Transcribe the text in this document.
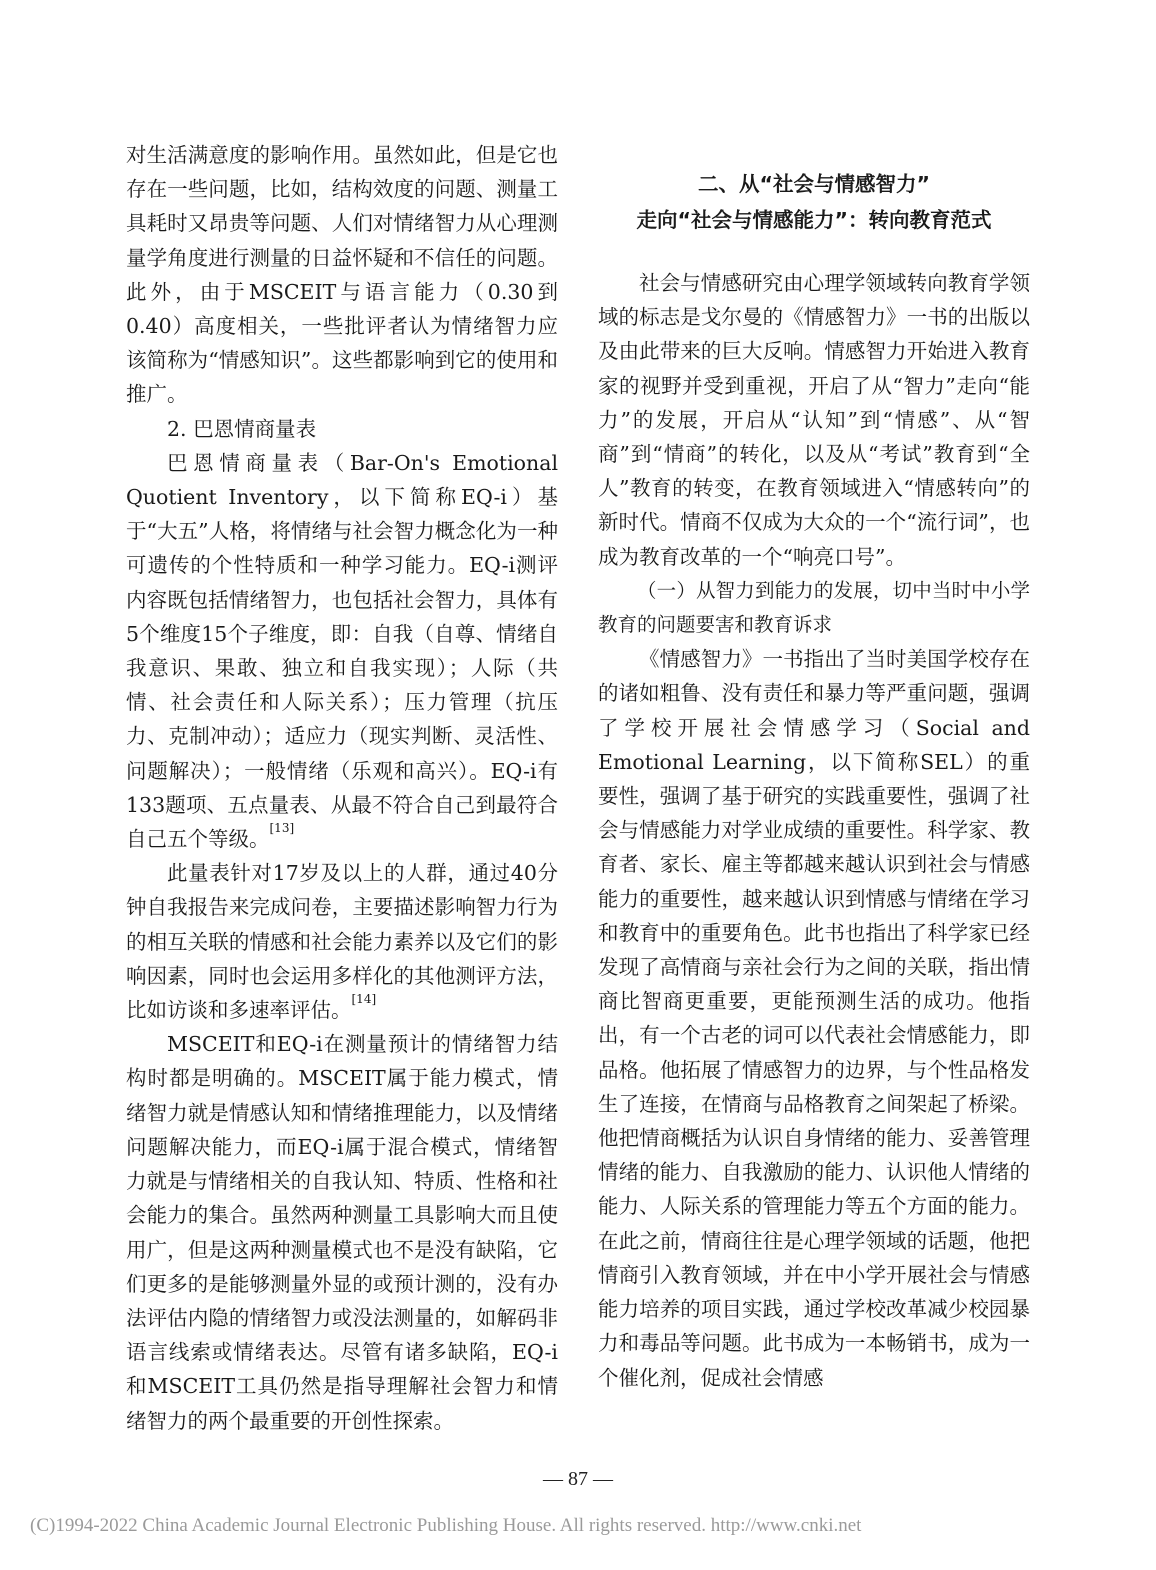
对生活满意度的影响作用。虽然如此，但是它也存在一些问题，比如，结构效度的问题、测量工具耗时又昂贵等问题、人们对情绪智力从心理测量学角度进行测量的日益怀疑和不信任的问题。此外，由于MSCEIT与语言能力（0.30到0.40）高度相关，一些批评者认为情绪智力应该简称为“情感知识”。这些都影响到它的使用和推广。

2. 巴恩情商量表

巴恩情商量表（Bar-On's Emotional Quotient Inventory，以下简称EQ-i）基于“大五”人格，将情绪与社会智力概念化为一种可遗传的个性特质和一种学习能力。EQ-i测评内容既包括情绪智力，也包括社会智力，具体有5个维度15个子维度，即：自我（自尊、情绪自我意识、果敢、独立和自我实现）；人际（共情、社会责任和人际关系）；压力管理（抗压力、克制冲动）；适应力（现实判断、灵活性、问题解决）；一般情绪（乐观和高兴）。EQ-i有133题项、五点量表、从最不符合自己到最符合自己五个等级。[13]

此量表针对17岁及以上的人群，通过40分钟自我报告来完成问卷，主要描述影响智力行为的相互关联的情感和社会能力素养以及它们的影响因素，同时也会运用多样化的其他测评方法，比如访谈和多速率评估。[14]

MSCEIT和EQ-i在测量预计的情绪智力结构时都是明确的。MSCEIT属于能力模式，情绪智力就是情感认知和情绪推理能力，以及情绪问题解决能力，而EQ-i属于混合模式，情绪智力就是与情绪相关的自我认知、特质、性格和社会能力的集合。虽然两种测量工具影响大而且使用广，但是这两种测量模式也不是没有缺陷，它们更多的是能够测量外显的或预计测的，没有办法评估内隐的情绪智力或没法测量的，如解码非语言线索或情绪表达。尽管有诸多缺陷，EQ-i和MSCEIT工具仍然是指导理解社会智力和情绪智力的两个最重要的开创性探索。

二、从“社会与情感智力”

走向“社会与情感能力”：转向教育范式

社会与情感研究由心理学领域转向教育学领域的标志是戈尔曼的《情感智力》一书的出版以及由此带来的巨大反响。情感智力开始进入教育家的视野并受到重视，开启了从“智力”走向“能力”的发展，开启从“认知”到“情感”、从“智商”到“情商”的转化，以及从“考试”教育到“全人”教育的转变，在教育领域进入“情感转向”的新时代。情商不仅成为大众的一个“流行词”，也成为教育改革的一个“响亮口号”。

（一）从智力到能力的发展，切中当时中小学教育的问题要害和教育诉求

《情感智力》一书指出了当时美国学校存在的诸如粗鲁、没有责任和暴力等严重问题，强调了学校开展社会情感学习（Social and Emotional Learning，以下简称SEL）的重要性，强调了基于研究的实践重要性，强调了社会与情感能力对学业成绩的重要性。科学家、教育者、家长、雇主等都越来越认识到社会与情感能力的重要性，越来越认识到情感与情绪在学习和教育中的重要角色。此书也指出了科学家已经发现了高情商与亲社会行为之间的关联，指出情商比智商更重要，更能预测生活的成功。他指出，有一个古老的词可以代表社会情感能力，即品格。他拓展了情感智力的边界，与个性品格发生了连接，在情商与品格教育之间架起了桥梁。他把情商概括为认识自身情绪的能力、妥善管理情绪的能力、自我激励的能力、认识他人情绪的能力、人际关系的管理能力等五个方面的能力。在此之前，情商往往是心理学领域的话题，他把情商引入教育领域，并在中小学开展社会与情感能力培养的项目实践，通过学校改革减少校园暴力和毒品等问题。此书成为一本畅销书，成为一个催化剂，促成社会情感

— 87 —
(C)1994-2022 China Academic Journal Electronic Publishing House. All rights reserved. http://www.cnki.net
